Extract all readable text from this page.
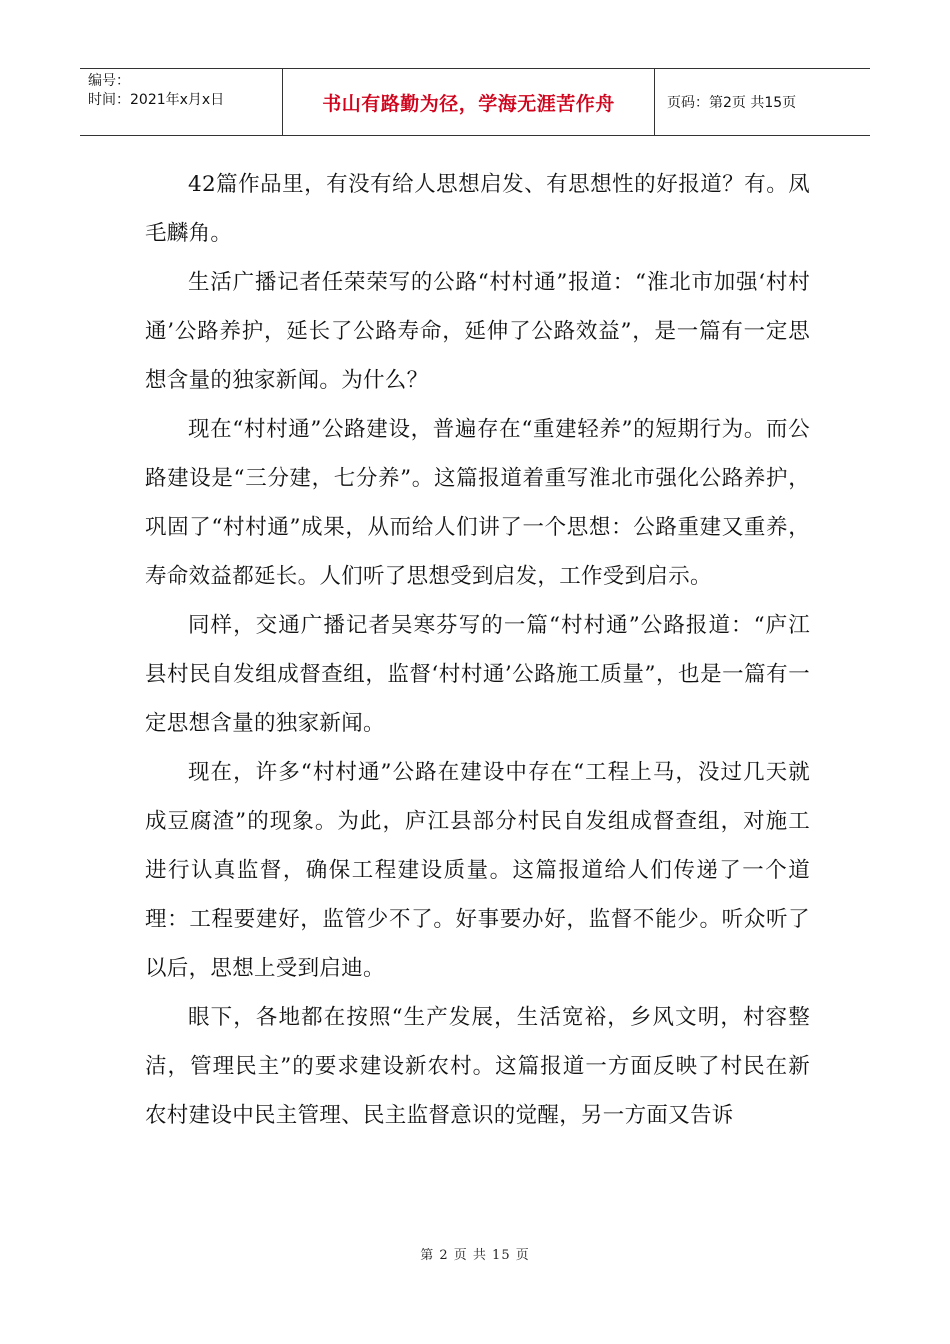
编号：
时间：2021年x月x日	书山有路勤为径，学海无涯苦作舟	页码：第2页 共15页

42篇作品里，有没有给人思想启发、有思想性的好报道？有。凤毛麟角。

生活广播记者任荣荣写的公路“村村通”报道：“淮北市加强‘村村通’公路养护，延长了公路寿命，延伸了公路效益”，是一篇有一定思想含量的独家新闻。为什么？

现在“村村通”公路建设，普遍存在“重建轻养”的短期行为。而公路建设是“三分建，七分养”。这篇报道着重写淮北市强化公路养护，巩固了“村村通”成果，从而给人们讲了一个思想：公路重建又重养，寿命效益都延长。人们听了思想受到启发，工作受到启示。

同样，交通广播记者吴寒芬写的一篇“村村通”公路报道：“庐江县村民自发组成督查组，监督‘村村通’公路施工质量”，也是一篇有一定思想含量的独家新闻。

现在，许多“村村通”公路在建设中存在“工程上马，没过几天就成豆腐渣”的现象。为此，庐江县部分村民自发组成督查组，对施工进行认真监督，确保工程建设质量。这篇报道给人们传递了一个道理：工程要建好，监管少不了。好事要办好，监督不能少。听众听了以后，思想上受到启迪。

眼下，各地都在按照“生产发展，生活宽裕，乡风文明，村容整洁，管理民主”的要求建设新农村。这篇报道一方面反映了村民在新农村建设中民主管理、民主监督意识的觉醒，另一方面又告诉

第 2 页 共 15 页
